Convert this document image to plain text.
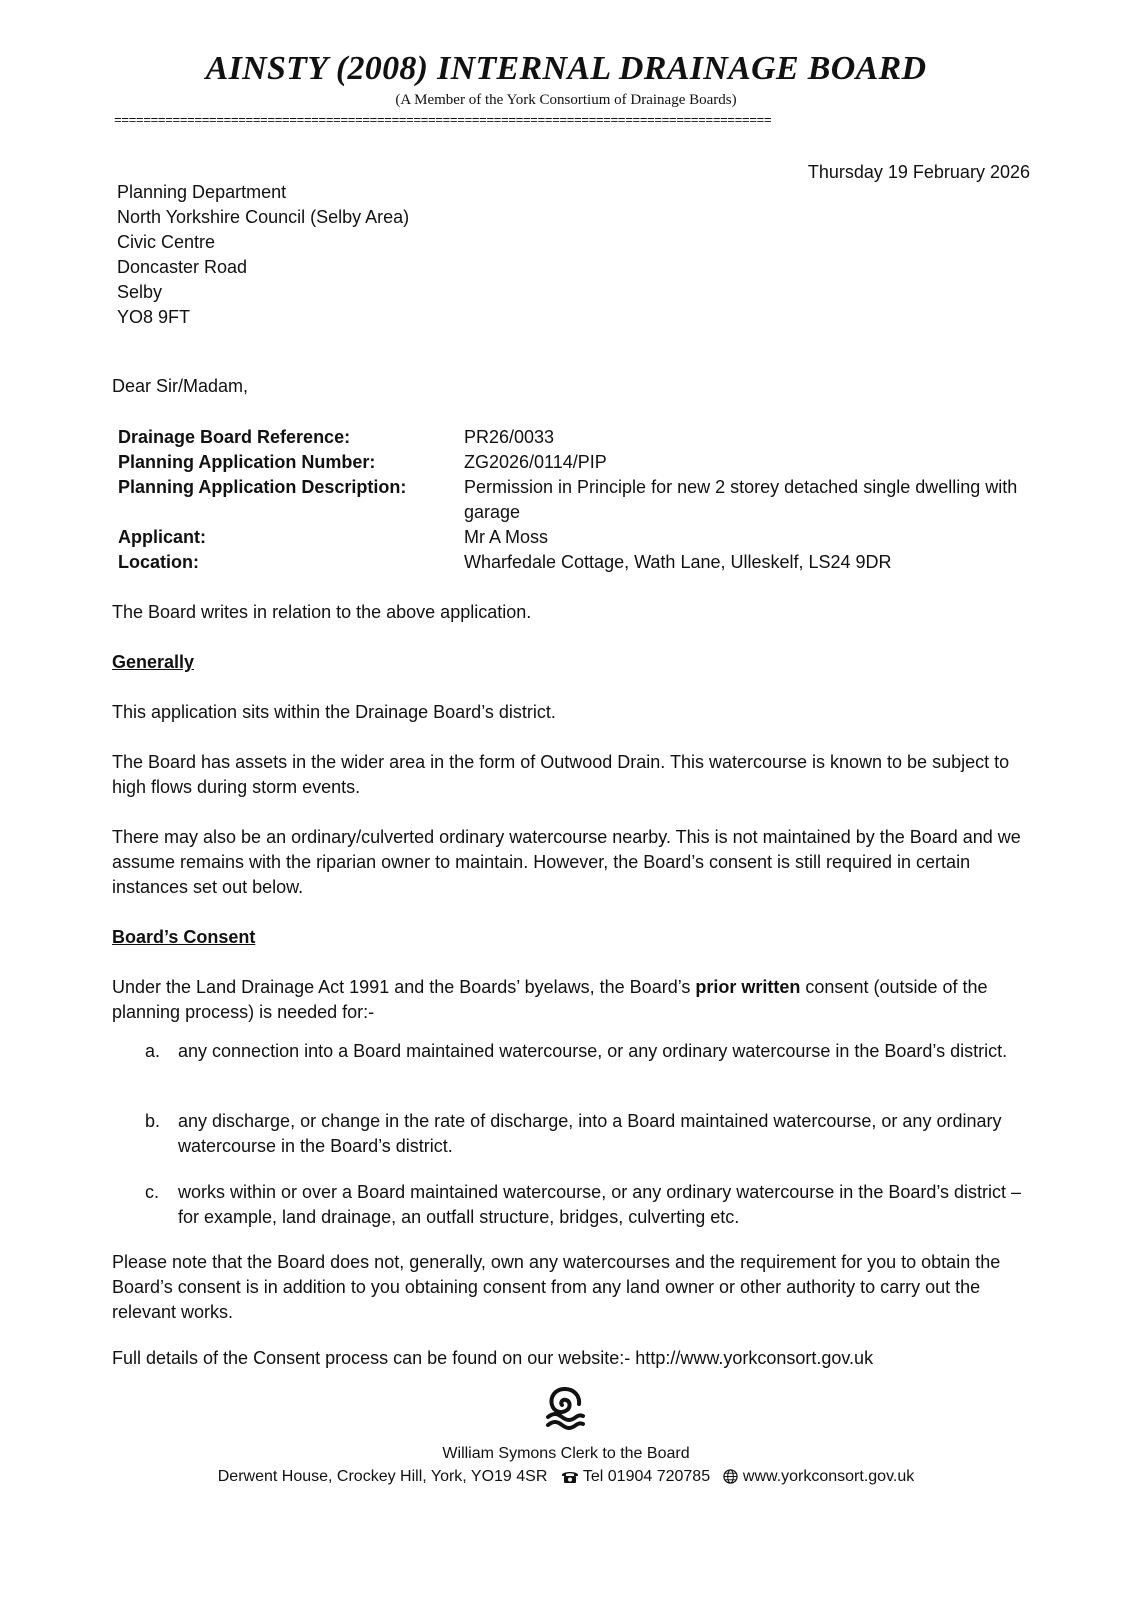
AINSTY (2008) INTERNAL DRAINAGE BOARD
(A Member of the York Consortium of Drainage Boards)
==========================================================================================
Thursday 19 February 2026
Planning Department
North Yorkshire Council (Selby Area)
Civic Centre
Doncaster Road
Selby
YO8 9FT
Dear Sir/Madam,
Drainage Board Reference:	PR26/0033
Planning Application Number:	ZG2026/0114/PIP
Planning Application Description:	Permission in Principle for new 2 storey detached single dwelling with garage
Applicant:	Mr A Moss
Location:	Wharfedale Cottage, Wath Lane, Ulleskelf, LS24 9DR
The Board writes in relation to the above application.
Generally
This application sits within the Drainage Board’s district.
The Board has assets in the wider area in the form of Outwood Drain. This watercourse is known to be subject to high flows during storm events.
There may also be an ordinary/culverted ordinary watercourse nearby. This is not maintained by the Board and we assume remains with the riparian owner to maintain. However, the Board’s consent is still required in certain instances set out below.
Board’s Consent
Under the Land Drainage Act 1991 and the Boards’ byelaws, the Board’s prior written consent (outside of the planning process) is needed for:-
a. any connection into a Board maintained watercourse, or any ordinary watercourse in the Board’s district.
b. any discharge, or change in the rate of discharge, into a Board maintained watercourse, or any ordinary watercourse in the Board’s district.
c. works within or over a Board maintained watercourse, or any ordinary watercourse in the Board’s district – for example, land drainage, an outfall structure, bridges, culverting etc.
Please note that the Board does not, generally, own any watercourses and the requirement for you to obtain the Board’s consent is in addition to you obtaining consent from any land owner or other authority to carry out the relevant works.
Full details of the Consent process can be found on our website:- http://www.yorkconsort.gov.uk
William Symons Clerk to the Board
Derwent House, Crockey Hill, York, YO19 4SR Tel 01904 720785 www.yorkconsort.gov.uk
